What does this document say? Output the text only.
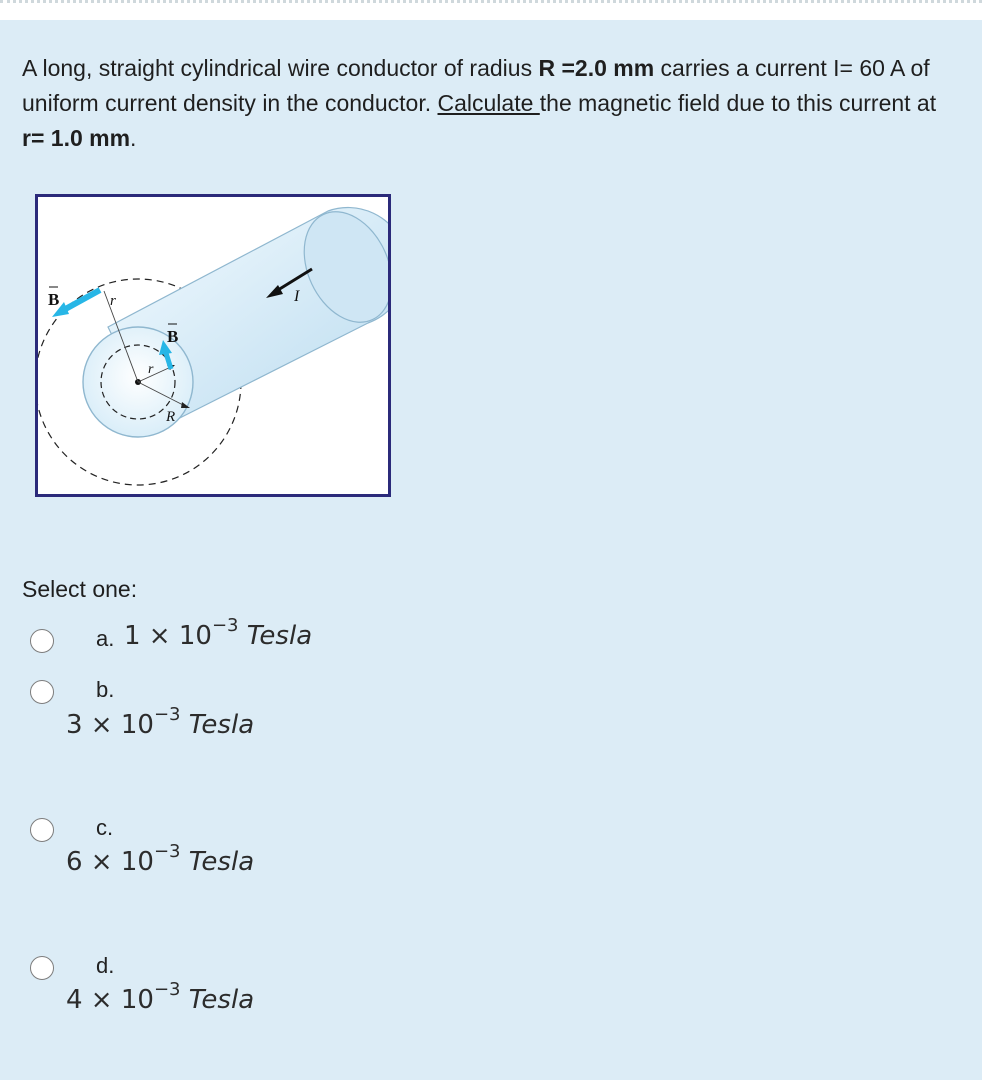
A long, straight cylindrical wire conductor of radius R =2.0 mm carries a current I= 60 A of uniform current density in the conductor. Calculate the magnetic field due to this current at r= 1.0 mm.
B	r
B
r
R
I
Select one:
a. $1 \times 10^{-3}$ Tesla
b.
$3 \times 10^{-3}$ Tesla
c.
$6 \times 10^{-3}$ Tesla
d.
$4 \times 10^{-3}$ Tesla
